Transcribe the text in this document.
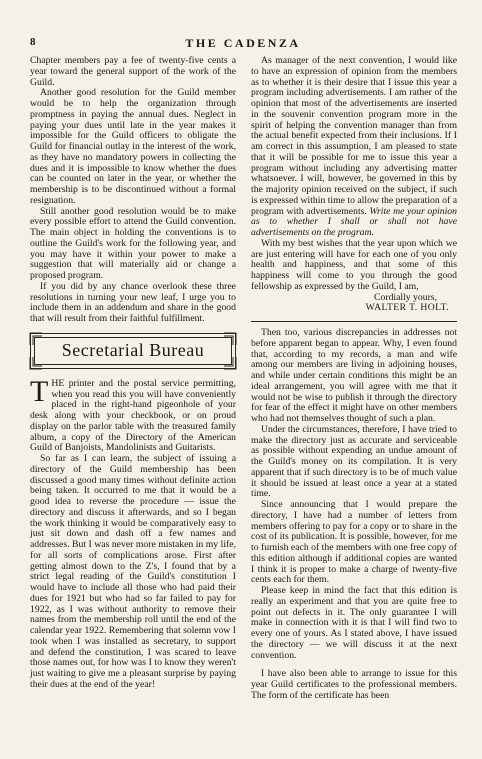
8	THE CADENZA

Chapter members pay a fee of twenty-five cents a year toward the general support of the work of the Guild.

Another good resolution for the Guild member would be to help the organization through promptness in paying the annual dues. Neglect in paying your dues until late in the year makes it impossible for the Guild officers to obligate the Guild for financial outlay in the interest of the work, as they have no mandatory powers in collecting the dues and it is impossible to know whether the dues can be counted on later in the year, or whether the membership is to be discontinued without a formal resignation.

Still another good resolution would be to make every possible effort to attend the Guild convention. The main object in holding the conventions is to outline the Guild's work for the following year, and you may have it within your power to make a suggestion that will materially aid or change a proposed program.

If you did by any chance overlook these three resolutions in turning your new leaf, I urge you to include them in an addendum and share in the good that will result from their faithful fulfillment.

Secretarial Bureau

THE printer and the postal service permitting, when you read this you will have conveniently placed in the right-hand pigeonhole of your desk along with your checkbook, or on proud display on the parlor table with the treasured family album, a copy of the Directory of the American Guild of Banjoists, Mandolinists and Guitarists.

So far as I can learn, the subject of issuing a directory of the Guild membership has been discussed a good many times without definite action being taken. It occurred to me that it would be a good idea to reverse the procedure — issue the directory and discuss it afterwards, and so I began the work thinking it would be comparatively easy to just sit down and dash off a few names and addresses. But I was never more mistaken in my life, for all sorts of complications arose. First after getting almost down to the Z's, I found that by a strict legal reading of the Guild's constitution I would have to include all those who had paid their dues for 1921 but who had so far failed to pay for 1922, as I was without authority to remove their names from the membership roll until the end of the calendar year 1922. Remembering that solemn vow I took when I was installed as secretary, to support and defend the constitution, I was scared to leave those names out, for how was I to know they weren't just waiting to give me a pleasant surprise by paying their dues at the end of the year!

As manager of the next convention, I would like to have an expression of opinion from the members as to whether it is their desire that I issue this year a program including advertisements. I am rather of the opinion that most of the advertisements are inserted in the souvenir convention program more in the spirit of helping the convention manager than from the actual benefit expected from their inclusions. If I am correct in this assumption, I am pleased to state that it will be possible for me to issue this year a program without including any advertising matter whatsoever. I will, however, be governed in this by the majority opinion received on the subject, if such is expressed within time to allow the preparation of a program with advertisements. Write me your opinion as to whether I shall or shall not have advertisements on the program.

With my best wishes that the year upon which we are just entering will have for each one of you only health and happiness, and that some of this happiness will come to you through the good fellowship as expressed by the Guild, I am,

Cordially yours,

WALTER T. HOLT.

Then too, various discrepancies in addresses not before apparent began to appear. Why, I even found that, according to my records, a man and wife among our members are living in adjoining houses, and while under certain conditions this might be an ideal arrangement, you will agree with me that it would not be wise to publish it through the directory for fear of the effect it might have on other members who had not themselves thought of such a plan.

Under the circumstances, therefore, I have tried to make the directory just as accurate and serviceable as possible without expending an undue amount of the Guild's money on its compilation. It is very apparent that if such directory is to be of much value it should be issued at least once a year at a stated time.

Since announcing that I would prepare the directory, I have had a number of letters from members offering to pay for a copy or to share in the cost of its publication. It is possible, however, for me to furnish each of the members with one free copy of this edition although if additional copies are wanted I think it is proper to make a charge of twenty-five cents each for them.

Please keep in mind the fact that this edition is really an experiment and that you are quite free to point out defects in it. The only guarantee I will make in connection with it is that I will find two to every one of yours. As I stated above, I have issued the directory — we will discuss it at the next convention.

I have also been able to arrange to issue for this year Guild certificates to the professional members. The form of the certificate has been
